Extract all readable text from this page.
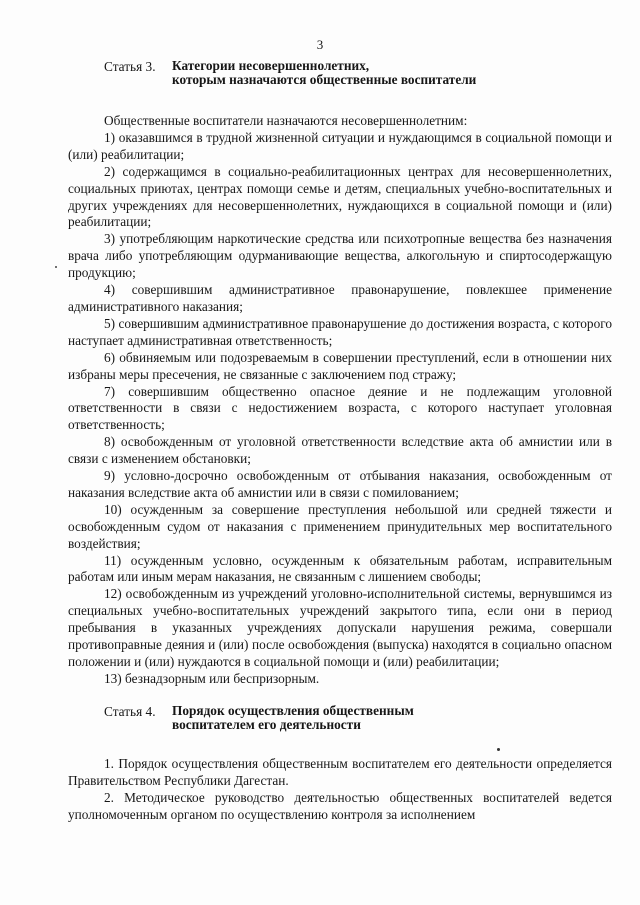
3
Статья 3.	Категории несовершеннолетних,
которым назначаются общественные воспитатели

Общественные воспитатели назначаются несовершеннолетним:

1) оказавшимся в трудной жизненной ситуации и нуждающимся в социальной помощи и (или) реабилитации;

2) содержащимся в социально-реабилитационных центрах для несовершеннолетних, социальных приютах, центрах помощи семье и детям, специальных учебно-воспитательных и других учреждениях для несовершеннолетних, нуждающихся в социальной помощи и (или) реабилитации;

3) употребляющим наркотические средства или психотропные вещества без назначения врача либо употребляющим одурманивающие вещества, алкогольную и спиртосодержащую продукцию;

4) совершившим административное правонарушение, повлекшее применение административного наказания;

5) совершившим административное правонарушение до достижения возраста, с которого наступает административная ответственность;

6) обвиняемым или подозреваемым в совершении преступлений, если в отношении них избраны меры пресечения, не связанные с заключением под стражу;

7) совершившим общественно опасное деяние и не подлежащим уголовной ответственности в связи с недостижением возраста, с которого наступает уголовная ответственность;

8) освобожденным от уголовной ответственности вследствие акта об амнистии или в связи с изменением обстановки;

9) условно-досрочно освобожденным от отбывания наказания, освобожденным от наказания вследствие акта об амнистии или в связи с помилованием;

10) осужденным за совершение преступления небольшой или средней тяжести и освобожденным судом от наказания с применением принудительных мер воспитательного воздействия;

11) осужденным условно, осужденным к обязательным работам, исправительным работам или иным мерам наказания, не связанным с лишением свободы;

12) освобожденным из учреждений уголовно-исполнительной системы, вернувшимся из специальных учебно-воспитательных учреждений закрытого типа, если они в период пребывания в указанных учреждениях допускали нарушения режима, совершали противоправные деяния и (или) после освобождения (выпуска) находятся в социально опасном положении и (или) нуждаются в социальной помощи и (или) реабилитации;

13) безнадзорным или беспризорным.

Статья 4.	Порядок осуществления общественным
воспитателем его деятельности

1. Порядок осуществления общественным воспитателем его деятельности определяется Правительством Республики Дагестан.

2. Методическое руководство деятельностью общественных воспитателей ведется уполномоченным органом по осуществлению контроля за исполнением
